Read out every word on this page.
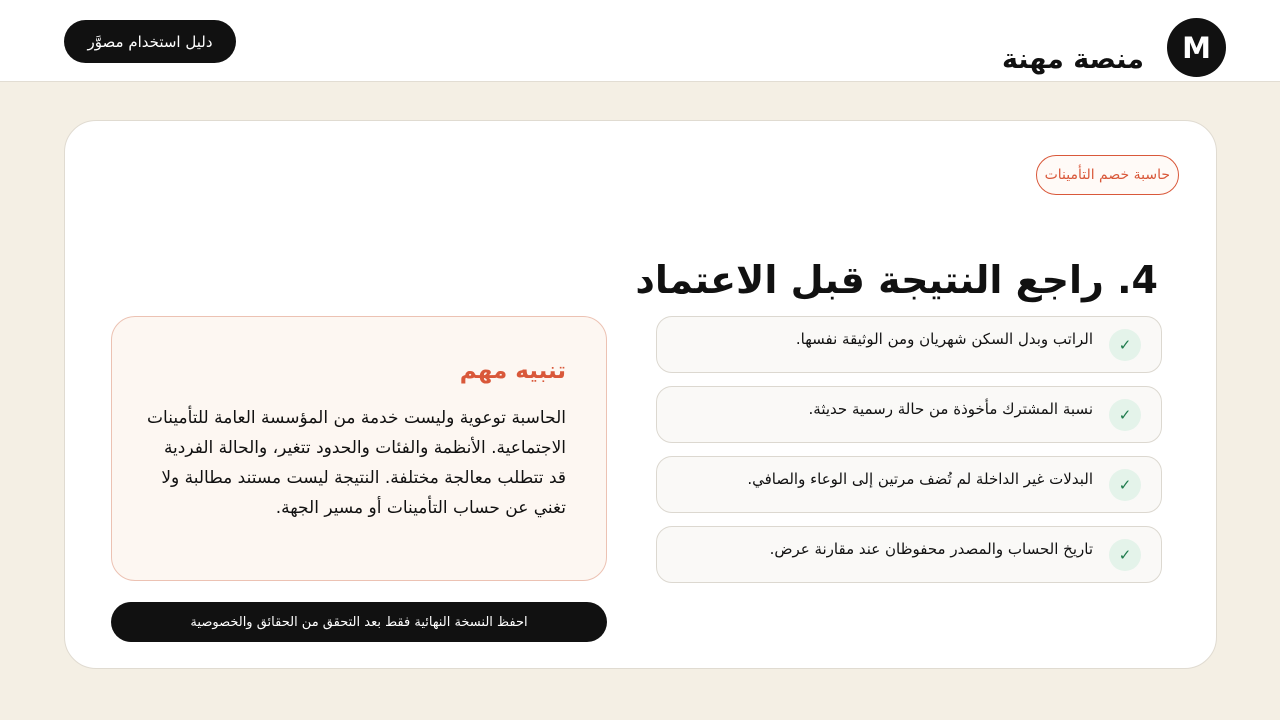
M
منصة مهنة
دليل استخدام مصوَّر
حاسبة خصم التأمينات
4. راجع النتيجة قبل الاعتماد
✓
الراتب وبدل السكن شهريان ومن الوثيقة نفسها.
✓
نسبة المشترك مأخوذة من حالة رسمية حديثة.
✓
البدلات غير الداخلة لم تُضف مرتين إلى الوعاء والصافي.
✓
تاريخ الحساب والمصدر محفوظان عند مقارنة عرض.
تنبيه مهم

الحاسبة توعوية وليست خدمة من المؤسسة العامة للتأمينات الاجتماعية. الأنظمة والفئات والحدود تتغير، والحالة الفردية قد تتطلب معالجة مختلفة. النتيجة ليست مستند مطالبة ولا تغني عن حساب التأمينات أو مسير الجهة.

احفظ النسخة النهائية فقط بعد التحقق من الحقائق والخصوصية
